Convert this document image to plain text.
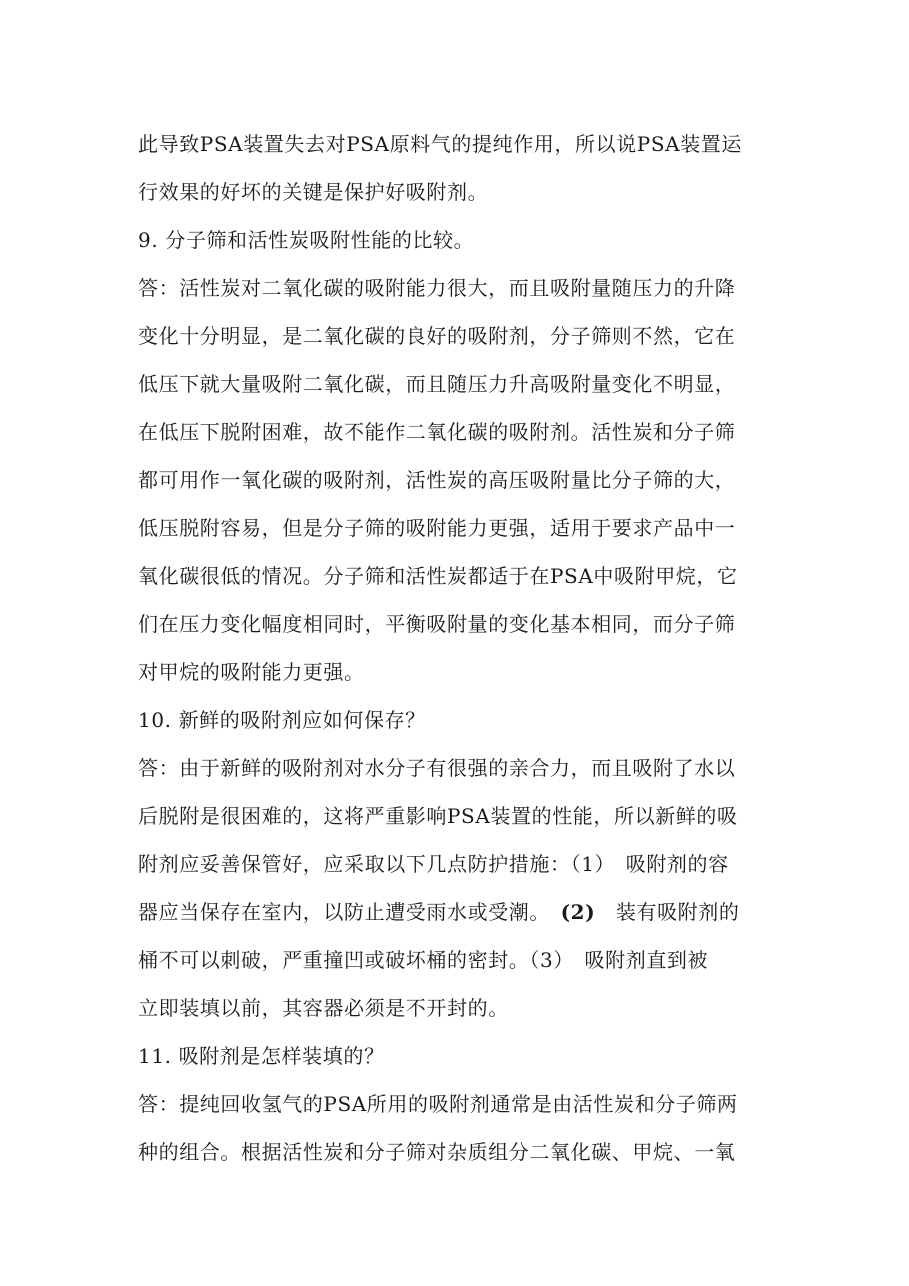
此导致PSA装置失去对PSA原料气的提纯作用，所以说PSA装置运
行效果的好坏的关键是保护好吸附剂。
9. 分子筛和活性炭吸附性能的比较。
答：活性炭对二氧化碳的吸附能力很大，而且吸附量随压力的升降
变化十分明显，是二氧化碳的良好的吸附剂，分子筛则不然，它在
低压下就大量吸附二氧化碳，而且随压力升高吸附量变化不明显，
在低压下脱附困难，故不能作二氧化碳的吸附剂。活性炭和分子筛
都可用作一氧化碳的吸附剂，活性炭的高压吸附量比分子筛的大，
低压脱附容易，但是分子筛的吸附能力更强，适用于要求产品中一
氧化碳很低的情况。分子筛和活性炭都适于在PSA中吸附甲烷，它
们在压力变化幅度相同时，平衡吸附量的变化基本相同，而分子筛
对甲烷的吸附能力更强。
10. 新鲜的吸附剂应如何保存？
答：由于新鲜的吸附剂对水分子有很强的亲合力，而且吸附了水以
后脱附是很困难的，这将严重影响PSA装置的性能，所以新鲜的吸
附剂应妥善保管好，应采取以下几点防护措施：（1）　吸附剂的容
器应当保存在室内，以防止遭受雨水或受潮。　 (2)　 装有吸附剂的
桶不可以刺破，严重撞凹或破坏桶的密封。（3）　吸附剂直到被
立即装填以前，其容器必须是不开封的。
11. 吸附剂是怎样装填的？
答：提纯回收氢气的PSA所用的吸附剂通常是由活性炭和分子筛两
种的组合。根据活性炭和分子筛对杂质组分二氧化碳、甲烷、一氧
